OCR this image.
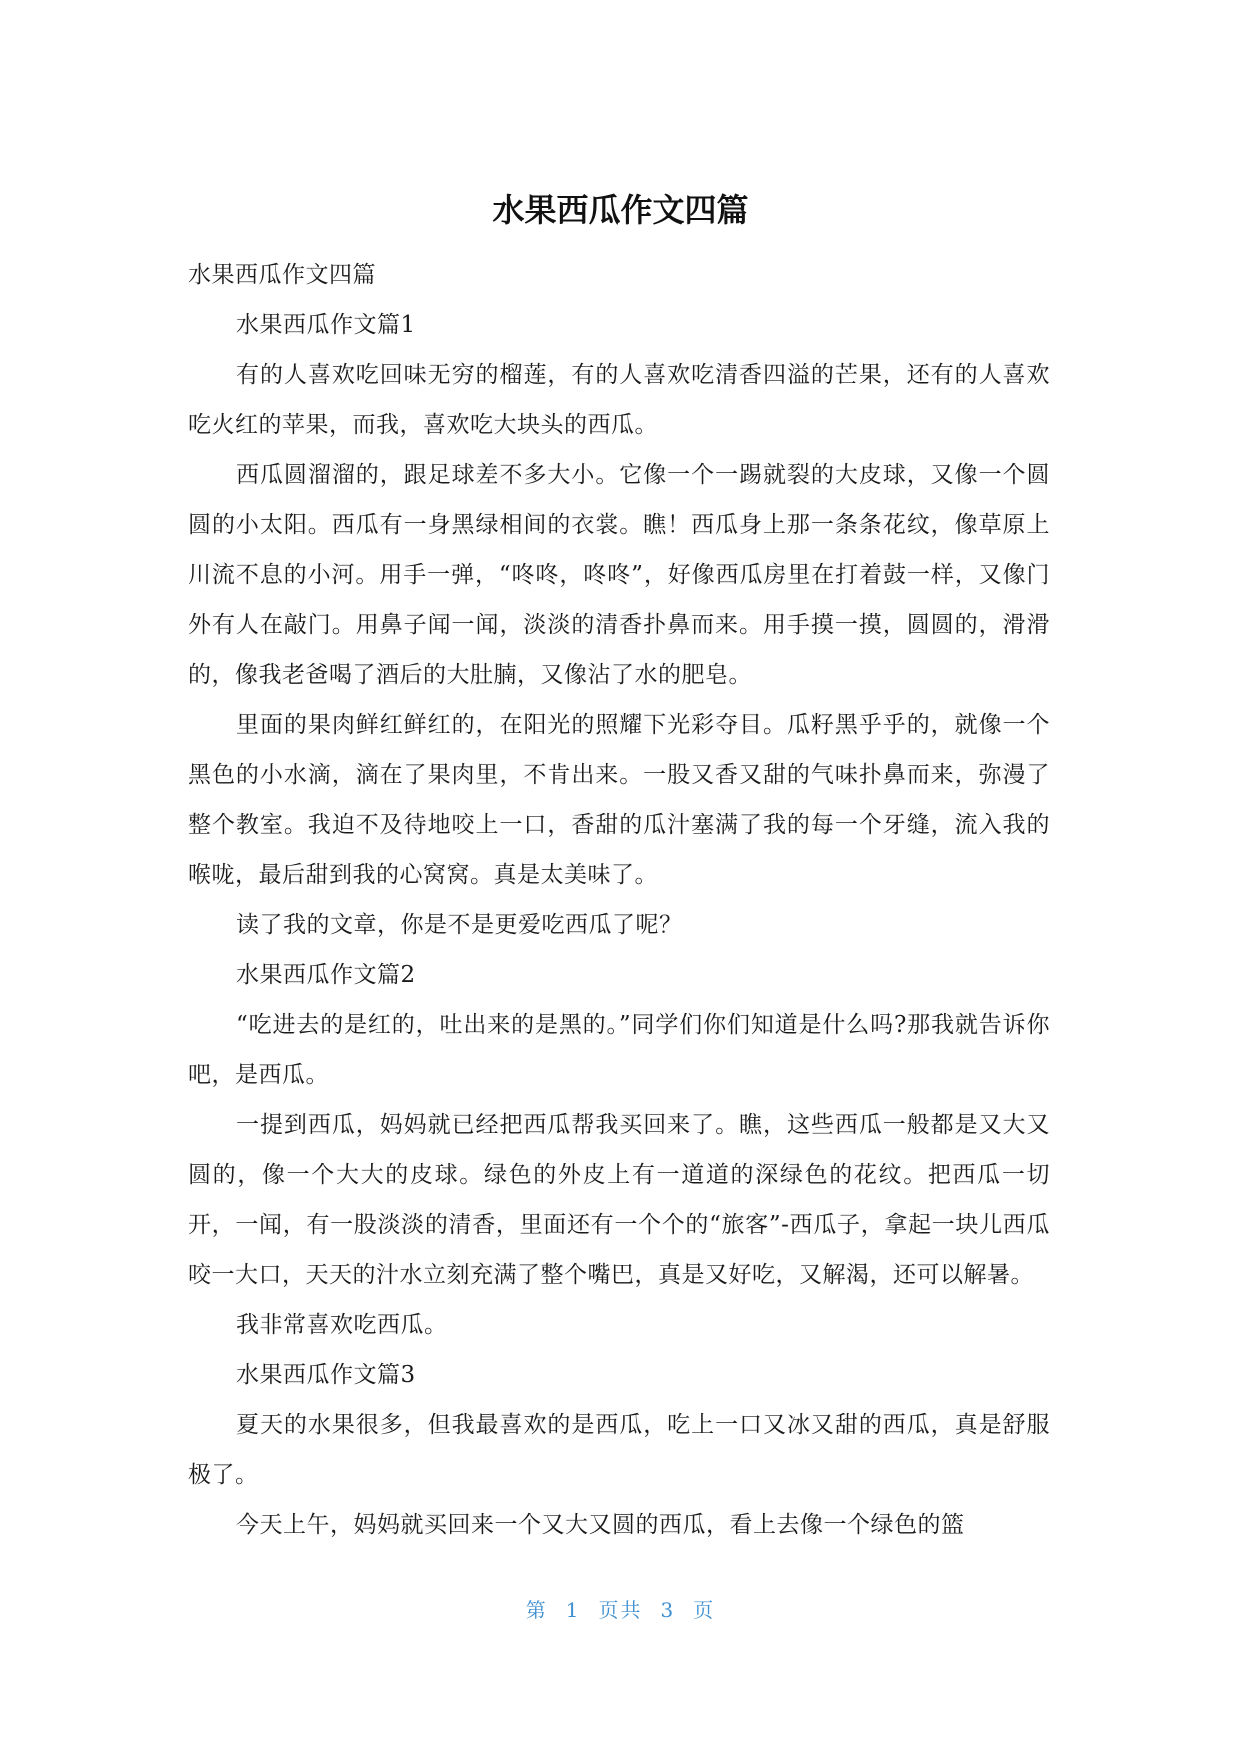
水果西瓜作文四篇

水果西瓜作文四篇

水果西瓜作文篇1

有的人喜欢吃回味无穷的榴莲，有的人喜欢吃清香四溢的芒果，还有的人喜欢吃火红的苹果，而我，喜欢吃大块头的西瓜。

西瓜圆溜溜的，跟足球差不多大小。它像一个一踢就裂的大皮球，又像一个圆圆的小太阳。西瓜有一身黑绿相间的衣裳。瞧！西瓜身上那一条条花纹，像草原上川流不息的小河。用手一弹，“咚咚，咚咚”，好像西瓜房里在打着鼓一样，又像门外有人在敲门。用鼻子闻一闻，淡淡的清香扑鼻而来。用手摸一摸，圆圆的，滑滑的，像我老爸喝了酒后的大肚腩，又像沾了水的肥皂。

里面的果肉鲜红鲜红的，在阳光的照耀下光彩夺目。瓜籽黑乎乎的，就像一个黑色的小水滴，滴在了果肉里，不肯出来。一股又香又甜的气味扑鼻而来，弥漫了整个教室。我迫不及待地咬上一口，香甜的瓜汁塞满了我的每一个牙缝，流入我的喉咙，最后甜到我的心窝窝。真是太美味了。

读了我的文章，你是不是更爱吃西瓜了呢？

水果西瓜作文篇2

“吃进去的是红的，吐出来的是黑的。”同学们你们知道是什么吗?那我就告诉你吧，是西瓜。

一提到西瓜，妈妈就已经把西瓜帮我买回来了。瞧，这些西瓜一般都是又大又圆的，像一个大大的皮球。绿色的外皮上有一道道的深绿色的花纹。把西瓜一切开，一闻，有一股淡淡的清香，里面还有一个个的“旅客”-西瓜子，拿起一块儿西瓜咬一大口，天天的汁水立刻充满了整个嘴巴，真是又好吃，又解渴，还可以解暑。

我非常喜欢吃西瓜。

水果西瓜作文篇3

夏天的水果很多，但我最喜欢的是西瓜，吃上一口又冰又甜的西瓜，真是舒服极了。

今天上午，妈妈就买回来一个又大又圆的西瓜，看上去像一个绿色的篮

第 1 页共 3 页
